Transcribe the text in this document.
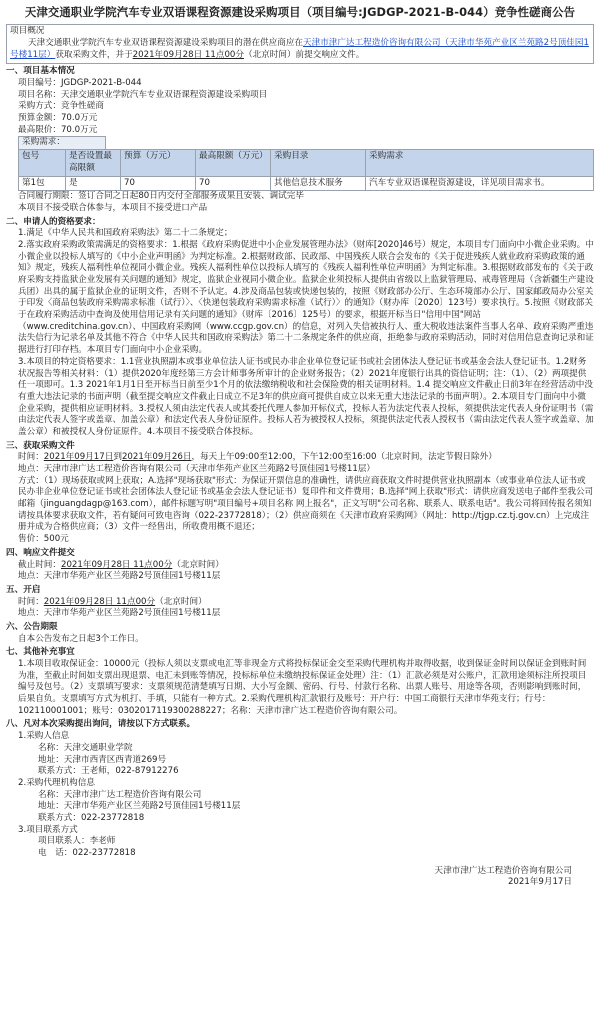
天津交通职业学院汽车专业双语课程资源建设采购项目（项目编号:JGDGP-2021-B-044）竞争性磋商公告
项目概况
天津交通职业学院汽车专业双语课程资源建设采购项目的潜在供应商应在天津市津广达工程造价咨询有限公司（天津市华苑产业区兰苑路2号顶佳园1号楼11层）获取采购文件，并于2021年09月28日 11点00分（北京时间）前提交响应文件。
一、项目基本情况
项目编号：JGDGP-2021-B-044
项目名称：天津交通职业学院汽车专业双语课程资源建设采购项目
采购方式：竞争性磋商
预算金额：70.0万元
最高限价：70.0万元
采购需求：
包号	是否设置最高限额	预算（万元）	最高限额（万元）	采购目录	采购需求
第1包	是	70	70	其他信息技术服务	汽车专业双语课程资源建设，详见项目需求书。
合同履行期限：签订合同之日起80日内交付全部服务成果且安装、调试完毕
本项目不接受联合体参与，本项目不接受进口产品
二、申请人的资格要求：
1.满足《中华人民共和国政府采购法》第二十二条规定；
2.落实政府采购政策需满足的资格要求：1.根据《政府采购促进中小企业发展管理办法》（财库[2020]46号）规定，本项目专门面向中小微企业采购。中小微企业以投标人填写的《中小企业声明函》为判定标准。2.根据财政部、民政部、中国残疾人联合会发布的《关于促进残疾人就业政府采购政策的通知》规定，残疾人福利性单位视同小微企业。残疾人福利性单位以投标人填写的《残疾人福利性单位声明函》为判定标准。3.根据财政部发布的《关于政府采购支持监狱企业发展有关问题的通知》规定，监狱企业视同小微企业。监狱企业须投标人提供由省级以上监狱管理局、戒毒管理局（含新疆生产建设兵团）出具的属于监狱企业的证明文件，否则不予认定。4.涉及商品包装或快递包装的，按照《财政部办公厅、生态环境部办公厅、国家邮政局办公室关于印发〈商品包装政府采购需求标准（试行）〉、〈快递包装政府采购需求标准（试行）〉的通知》（财办库〔2020〕123号）要求执行。5.按照《财政部关于在政府采购活动中查询及使用信用记录有关问题的通知》（财库〔2016〕125号）的要求，根据开标当日"信用中国"网站（www.creditchina.gov.cn）、中国政府采购网（www.ccgp.gov.cn）的信息，对列入失信被执行人、重大税收违法案件当事人名单、政府采购严重违法失信行为记录名单及其他不符合《中华人民共和国政府采购法》第二十二条规定条件的供应商，拒绝参与政府采购活动，同时对信用信息查询记录和证据进行打印存档。本项目专门面向中小企业采购。
3.本项目的特定资格要求：1.1营业执照副本或事业单位法人证书或民办非企业单位登记证书或社会团体法人登记证书或基金会法人登记证书。1.2财务状况报告等相关材料：（1）提供2020年度经第三方会计师事务所审计的企业财务报告；（2）2021年度银行出具的资信证明；注：（1）、（2）两项提供任一项即可。1.3 2021年1月1日至开标当日前至少1个月的依法缴纳税收和社会保险费的相关证明材料。1.4 提交响应文件截止日前3年在经营活动中没有重大违法记录的书面声明（截至提交响应文件截止日成立不足3年的供应商可提供自成立以来无重大违法记录的书面声明）。2.本项目专门面向中小微企业采购，提供相应证明材料。3.授权人须由法定代表人或其委托代理人参加开标仪式，投标人若为法定代表人投标，须提供法定代表人身份证明书（需由法定代表人签字或盖章、加盖公章）和法定代表人身份证原件。投标人若为被授权人投标，须提供法定代表人授权书（需由法定代表人签字或盖章、加盖公章）和被授权人身份证原件。4.本项目不接受联合体投标。
三、获取采购文件
时间：2021年09月17日到2021年09月26日，每天上午09:00至12:00，下午12:00至16:00（北京时间，法定节假日除外）
地点：天津市津广达工程造价咨询有限公司（天津市华苑产业区兰苑路2号顶佳园1号楼11层）
方式：（1）现场获取或网上获取；A.选择"现场获取"形式：为保证开票信息的准确性，请供应商获取文件时提供营业执照副本（或事业单位法人证书或民办非企业单位登记证书或社会团体法人登记证书或基金会法人登记证书）复印件和文件费用；B.选择"网上获取"形式：请供应商发送电子邮件至我公司邮箱（jinguangdagp@163.com），邮件标题写明"项目编号+项目名称 网上报名"，正文写明"公司名称、联系人、联系电话"。我公司将回传报名须知请按具体要求获取文件，若有疑问可致电咨询（022-23772818）；（2）供应商须在《天津市政府采购网》（网址：http://tjgp.cz.tj.gov.cn）上完成注册并成为合格供应商；（3）文件一经售出，所收费用概不退还；
售价：500元
四、响应文件提交
截止时间：2021年09月28日 11点00分（北京时间）
地点：天津市华苑产业区兰苑路2号顶佳园1号楼11层
五、开启
时间：2021年09月28日 11点00分（北京时间）
地点：天津市华苑产业区兰苑路2号顶佳园1号楼11层
六、公告期限
自本公告发布之日起3个工作日。
七、其他补充事宜
1.本项目收取保证金：10000元（投标人须以支票或电汇等非现金方式将投标保证金交至采购代理机构并取得收据，收到保证金时间以保证金到账时间为准，至截止时间如支票出现退票、电汇未到账等情况，投标标单位未缴纳投标保证金处理）注：（1）汇款必须是对公账户，汇款用途须标注所投项目编号及包号。（2）支票填写要求：支票须规范清楚填写日期、大小写金额、密码、行号、付款行名称、出票人账号、用途等各项，否则影响到账时间，后果自负。支票填写方式为机打、手填，只能有一种方式。2.采购代理机构汇款银行及账号：开户行：中国工商银行天津市华苑支行；行号：102110001001；账号：0302017119300288227；名称：天津市津广达工程造价咨询有限公司。
八、凡对本次采购提出询问，请按以下方式联系。
1.采购人信息
名称：天津交通职业学院
地址：天津市西青区西青道269号
联系方式：王老师，022-87912276
2.采购代理机构信息
名称：天津市津广达工程造价咨询有限公司
地址：天津市华苑产业区兰苑路2号顶佳园1号楼11层
联系方式：022-23772818
3.项目联系方式
项目联系人：李老师
电　话：022-23772818
天津市津广达工程造价咨询有限公司
2021年9月17日
